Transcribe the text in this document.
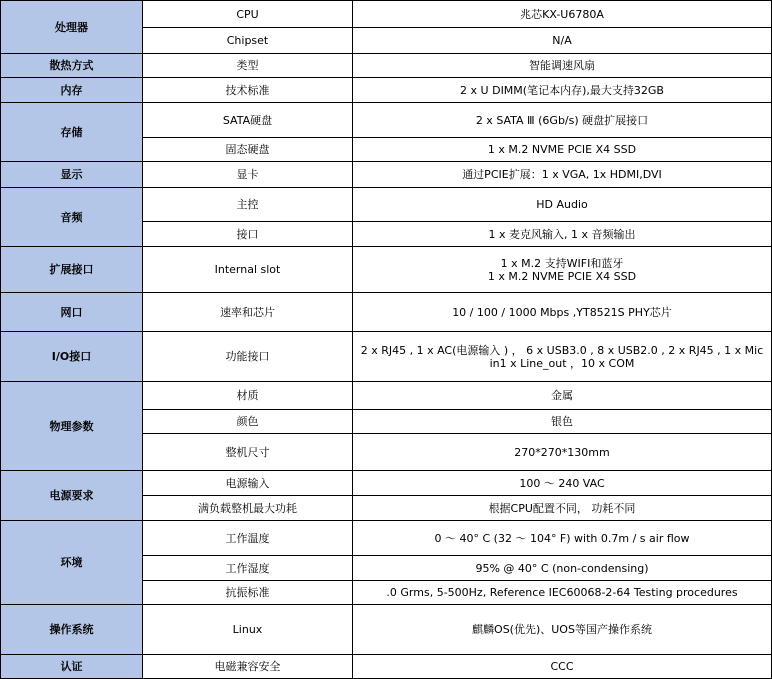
处理器	CPU	兆芯KX-U6780A
	Chipset	N/A
散热方式	类型	智能调速风扇
内存	技术标准	2 x U DIMM(笔记本内存),最大支持32GB
存储	SATA硬盘	2 x SATA Ⅲ (6Gb/s) 硬盘扩展接口
	固态硬盘	1 x M.2 NVME PCIE X4 SSD
显示	显卡	通过PCIE扩展：1 x VGA, 1x HDMI,DVI
音频	主控	HD Audio
	接口	1 x 麦克风输入, 1 x 音频输出
扩展接口	Internal slot	1 x M.2 支持WIFI和蓝牙
1 x M.2 NVME PCIE X4 SSD

网口	速率和芯片	10 / 100 / 1000 Mbps ,YT8521S PHY芯片
I/O接口	功能接口	2 x RJ45 , 1 x AC(电源输入 ) ， 6 x USB3.0 , 8 x USB2.0 , 2 x RJ45 , 1 x Mic
in1 x Line_out ，10 x COM

物理参数	材质	金属
	颜色	银色
	整机尺寸	270*270*130mm
电源要求	电源输入	100 ～ 240 VAC
	满负载整机最大功耗	根据CPU配置不同， 功耗不同
环境	工作温度	0 ～ 40° C (32 ～ 104° F) with 0.7m / s air flow
	工作湿度	95% @ 40° C (non-condensing)
	抗振标准	.0 Grms, 5-500Hz, Reference IEC60068-2-64 Testing procedures
操作系统	Linux	麒麟OS(优先)、UOS等国产操作系统
认证	电磁兼容安全	CCC
